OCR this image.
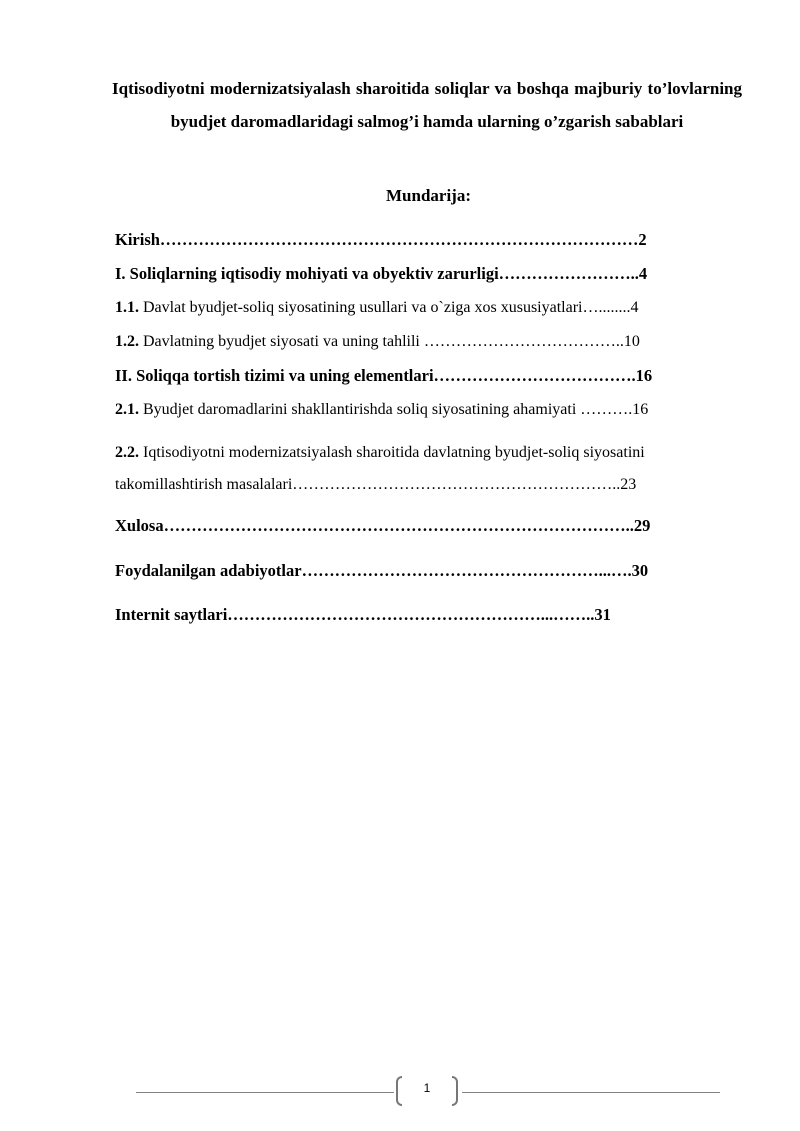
Iqtisodiyotni modernizatsiyalash sharoitida soliqlar va boshqa majburiy to’lovlarning byudjet daromadlaridagi salmog’i hamda ularning o’zgarish sabablari

Mundarija:

Kirish……………………………………………………………………………2
I. Soliqlarning iqtisodiy mohiyati va obyektiv zarurligi……………………..4
1.1. Davlat byudjet-soliq siyosatining usullari va o`ziga xos xususiyatlari…........4
1.2. Davlatning byudjet siyosati va uning tahlili ………………………………..10
II. Soliqqa tortish tizimi va uning elementlari……………………………….16
2.1. Byudjet daromadlarini shakllantirishda soliq siyosatining ahamiyati ……….16
2.2. Iqtisodiyotni modernizatsiyalash sharoitida davlatning byudjet-soliq siyosatini
takomillashtirish masalalari……………………………………………………..23
Xulosa…………………………………………………………………………..29
Foydalanilgan adabiyotlar………………………………………………...….30
Internit saytlari…………………………………………………...……..31
1
